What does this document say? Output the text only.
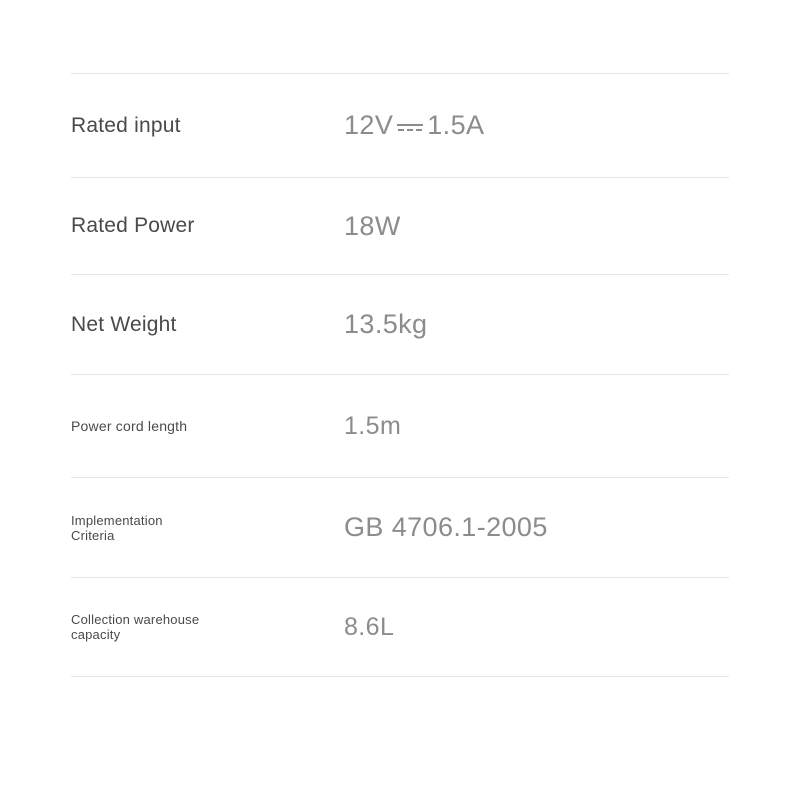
Rated input	12V 1.5A
Rated Power	18W
Net Weight	13.5kg
Power cord length	1.5m
Implementation
Criteria	GB 4706.1-2005
Collection warehouse
capacity	8.6L
